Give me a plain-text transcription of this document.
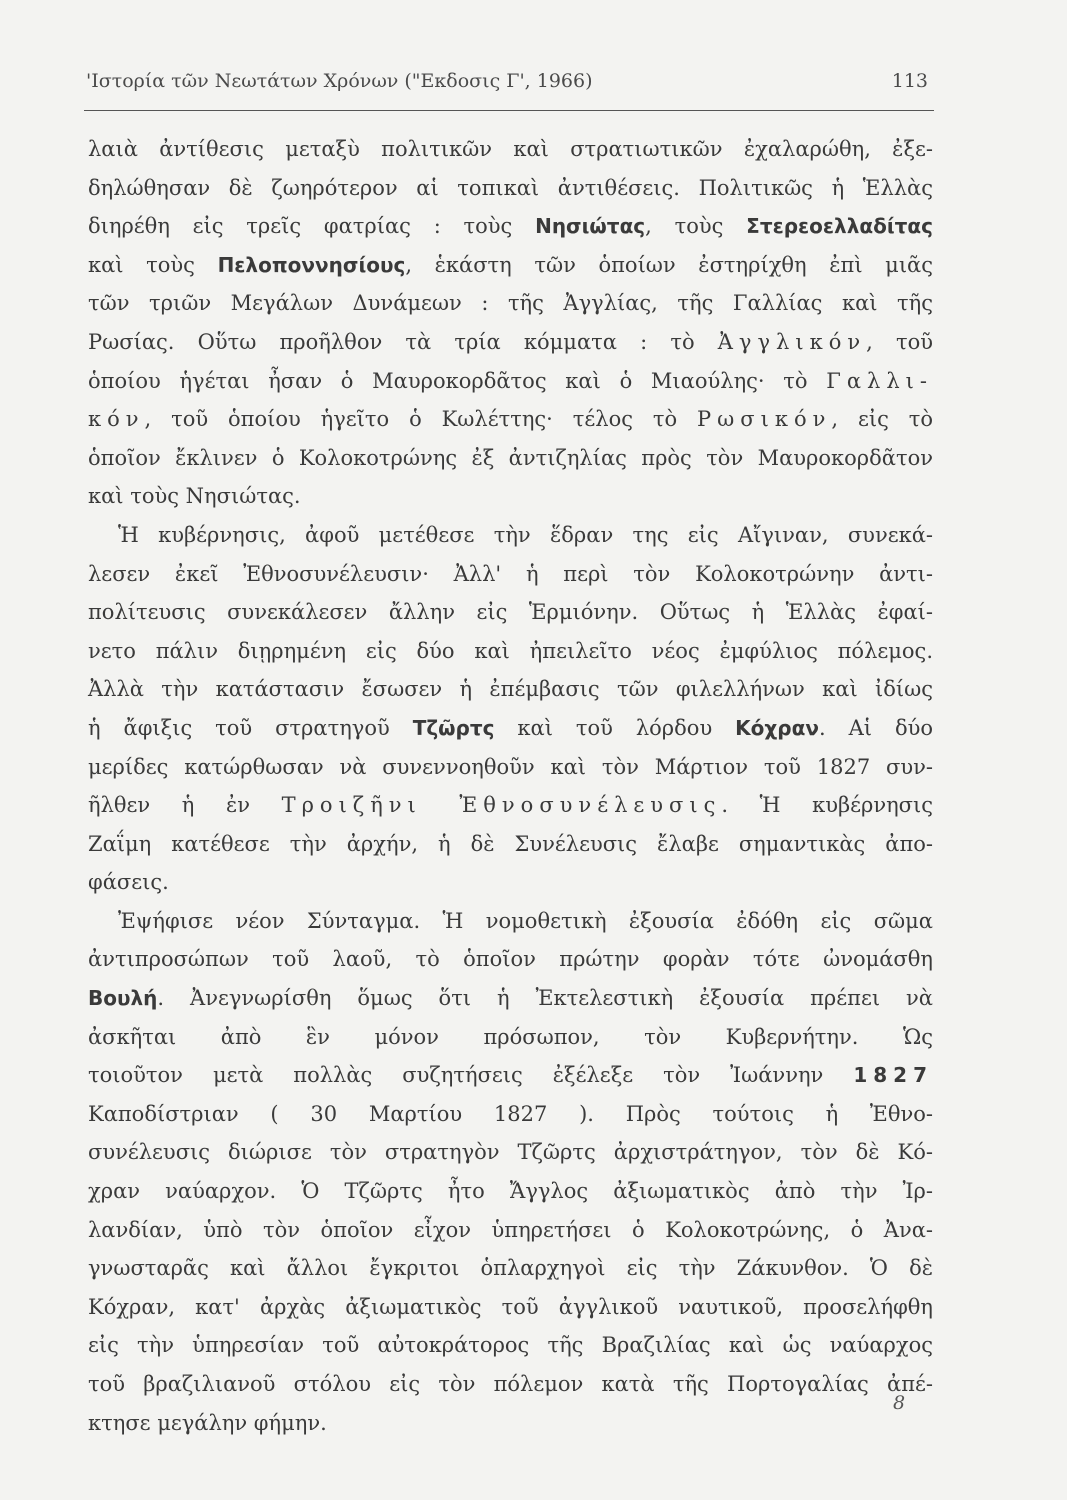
'Ιστορία τῶν Νεωτάτων Χρόνων ("Εκδοσις Γ', 1966)	113
λαιὰ ἀντίθεσις μεταξὺ πολιτικῶν καὶ στρατιωτικῶν ἐχαλαρώθη, ἐξε-
δηλώθησαν δὲ ζωηρότερον αἱ τοπικαὶ ἀντιθέσεις. Πολιτικῶς ἡ Ἑλλὰς
διηρέθη εἰς τρεῖς φατρίας : τοὺς Νησιώτας, τοὺς Στερεοελλαδίτας
καὶ τοὺς Πελοποννησίους, ἑκάστη τῶν ὁποίων ἐστηρίχθη ἐπὶ μιᾶς
τῶν τριῶν Μεγάλων Δυνάμεων : τῆς Ἀγγλίας, τῆς Γαλλίας καὶ τῆς
Ρωσίας. Οὕτω προῆλθον τὰ τρία κόμματα : τὸ Ἀγγλικόν, τοῦ
ὁποίου ἡγέται ἦσαν ὁ Μαυροκορδᾶτος καὶ ὁ Μιαούλης· τὸ Γαλλι-
κόν, τοῦ ὁποίου ἡγεῖτο ὁ Κωλέττης· τέλος τὸ Ρωσικόν, εἰς τὸ
ὁποῖον ἔκλινεν ὁ Κολοκοτρώνης ἐξ ἀντιζηλίας πρὸς τὸν Μαυροκορδᾶτον
καὶ τοὺς Νησιώτας.
Ἡ κυβέρνησις, ἀφοῦ μετέθεσε τὴν ἕδραν της εἰς Αἴγιναν, συνεκά-
λεσεν ἐκεῖ Ἐθνοσυνέλευσιν· Ἀλλ' ἡ περὶ τὸν Κολοκοτρώνην ἀντι-
πολίτευσις συνεκάλεσεν ἄλλην εἰς Ἑρμιόνην. Οὕτως ἡ Ἑλλὰς ἐφαί-
νετο πάλιν διῃρημένη εἰς δύο καὶ ἠπειλεῖτο νέος ἐμφύλιος πόλεμος.
Ἀλλὰ τὴν κατάστασιν ἔσωσεν ἡ ἐπέμβασις τῶν φιλελλήνων καὶ ἰδίως
ἡ ἄφιξις τοῦ στρατηγοῦ Τζῶρτς καὶ τοῦ λόρδου Κόχραν. Αἱ δύο
μερίδες κατώρθωσαν νὰ συνεννοηθοῦν καὶ τὸν Μάρτιον τοῦ 1827 συν-
ῆλθεν ἡ ἐν Τροιζῆνι Ἐθνοσυνέλευσις. Ἡ κυβέρνησις
Ζαΐμη κατέθεσε τὴν ἀρχήν, ἡ δὲ Συνέλευσις ἔλαβε σημαντικὰς ἀπο-
φάσεις.
Ἐψήφισε νέον Σύνταγμα. Ἡ νομοθετικὴ ἐξουσία ἐδόθη εἰς σῶμα
ἀντιπροσώπων τοῦ λαοῦ, τὸ ὁποῖον πρώτην φορὰν τότε ὠνομάσθη
Βουλή. Ἀνεγνωρίσθη ὅμως ὅτι ἡ Ἐκτελεστικὴ ἐξουσία πρέπει νὰ
ἀσκῆται ἀπὸ ἓν μόνον πρόσωπον, τὸν Κυβερνήτην. Ὡς
τοιοῦτον μετὰ πολλὰς συζητήσεις ἐξέλεξε τὸν Ἰωάννην 1827
Καποδίστριαν ( 30 Μαρτίου 1827 ). Πρὸς τούτοις ἡ Ἐθνο-
συνέλευσις διώρισε τὸν στρατηγὸν Τζῶρτς ἀρχιστράτηγον, τὸν δὲ Κό-
χραν ναύαρχον. Ὁ Τζῶρτς ἦτο Ἄγγλος ἀξιωματικὸς ἀπὸ τὴν Ἰρ-
λανδίαν, ὑπὸ τὸν ὁποῖον εἶχον ὑπηρετήσει ὁ Κολοκοτρώνης, ὁ Ἀνα-
γνωσταρᾶς καὶ ἄλλοι ἔγκριτοι ὁπλαρχηγοὶ εἰς τὴν Ζάκυνθον. Ὁ δὲ
Κόχραν, κατ' ἀρχὰς ἀξιωματικὸς τοῦ ἀγγλικοῦ ναυτικοῦ, προσελήφθη
εἰς τὴν ὑπηρεσίαν τοῦ αὐτοκράτορος τῆς Βραζιλίας καὶ ὡς ναύαρχος
τοῦ βραζιλιανοῦ στόλου εἰς τὸν πόλεμον κατὰ τῆς Πορτογαλίας ἀπέ-
κτησε μεγάλην φήμην.
8
